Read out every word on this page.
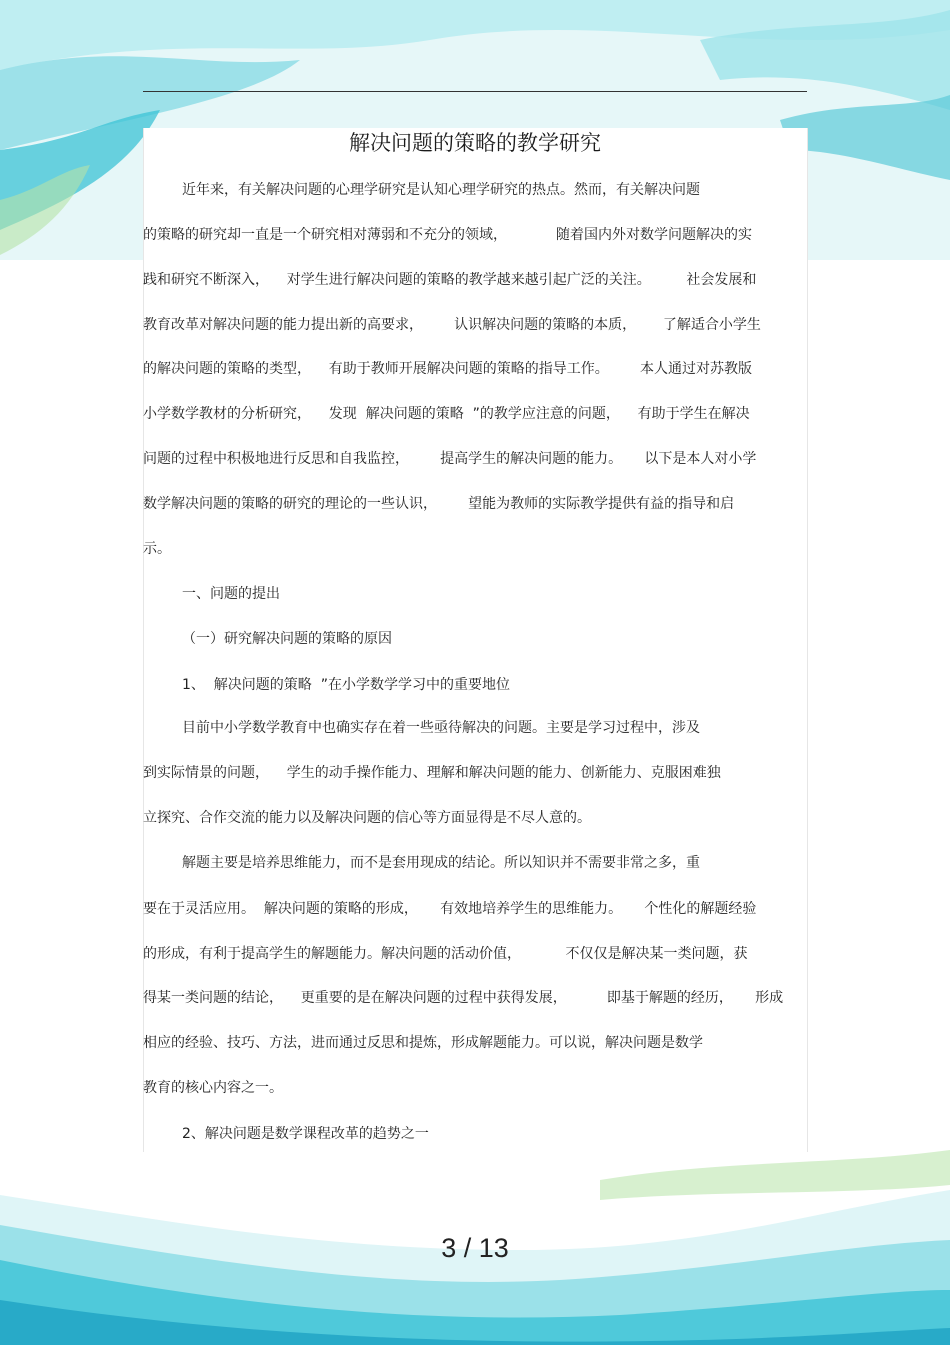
解决问题的策略的教学研究

近年来，有关解决问题的心理学研究是认知心理学研究的热点。然而，有关解决问题

的策略的研究却一直是一个研究相对薄弱和不充分的领域，           随着国内外对数学问题解决的实

践和研究不断深入，    对学生进行解决问题的策略的教学越来越引起广泛的关注。        社会发展和

教育改革对解决问题的能力提出新的高要求，       认识解决问题的策略的本质，      了解适合小学生

的解决问题的策略的类型，    有助于教师开展解决问题的策略的指导工作。       本人通过对苏教版

小学数学教材的分析研究，    发现  解决问题的策略  ”的教学应注意的问题，    有助于学生在解决

问题的过程中积极地进行反思和自我监控，       提高学生的解决问题的能力。     以下是本人对小学

数学解决问题的策略的研究的理论的一些认识，       望能为教师的实际教学提供有益的指导和启

示。

一、问题的提出

（一）研究解决问题的策略的原因

1、  解决问题的策略  ”在小学数学学习中的重要地位

目前中小学数学教育中也确实存在着一些亟待解决的问题。主要是学习过程中，涉及

到实际情景的问题，    学生的动手操作能力、理解和解决问题的能力、创新能力、克服困难独

立探究、合作交流的能力以及解决问题的信心等方面显得是不尽人意的。

解题主要是培养思维能力，而不是套用现成的结论。所以知识并不需要非常之多，重

要在于灵活应用。  解决问题的策略的形成，     有效地培养学生的思维能力。     个性化的解题经验

的形成，有利于提高学生的解题能力。解决问题的活动价值，          不仅仅是解决某一类问题，获

得某一类问题的结论，    更重要的是在解决问题的过程中获得发展，         即基于解题的经历，     形成

相应的经验、技巧、方法，进而通过反思和提炼，形成解题能力。可以说，解决问题是数学

教育的核心内容之一。

2、解决问题是数学课程改革的趋势之一

3 / 13
